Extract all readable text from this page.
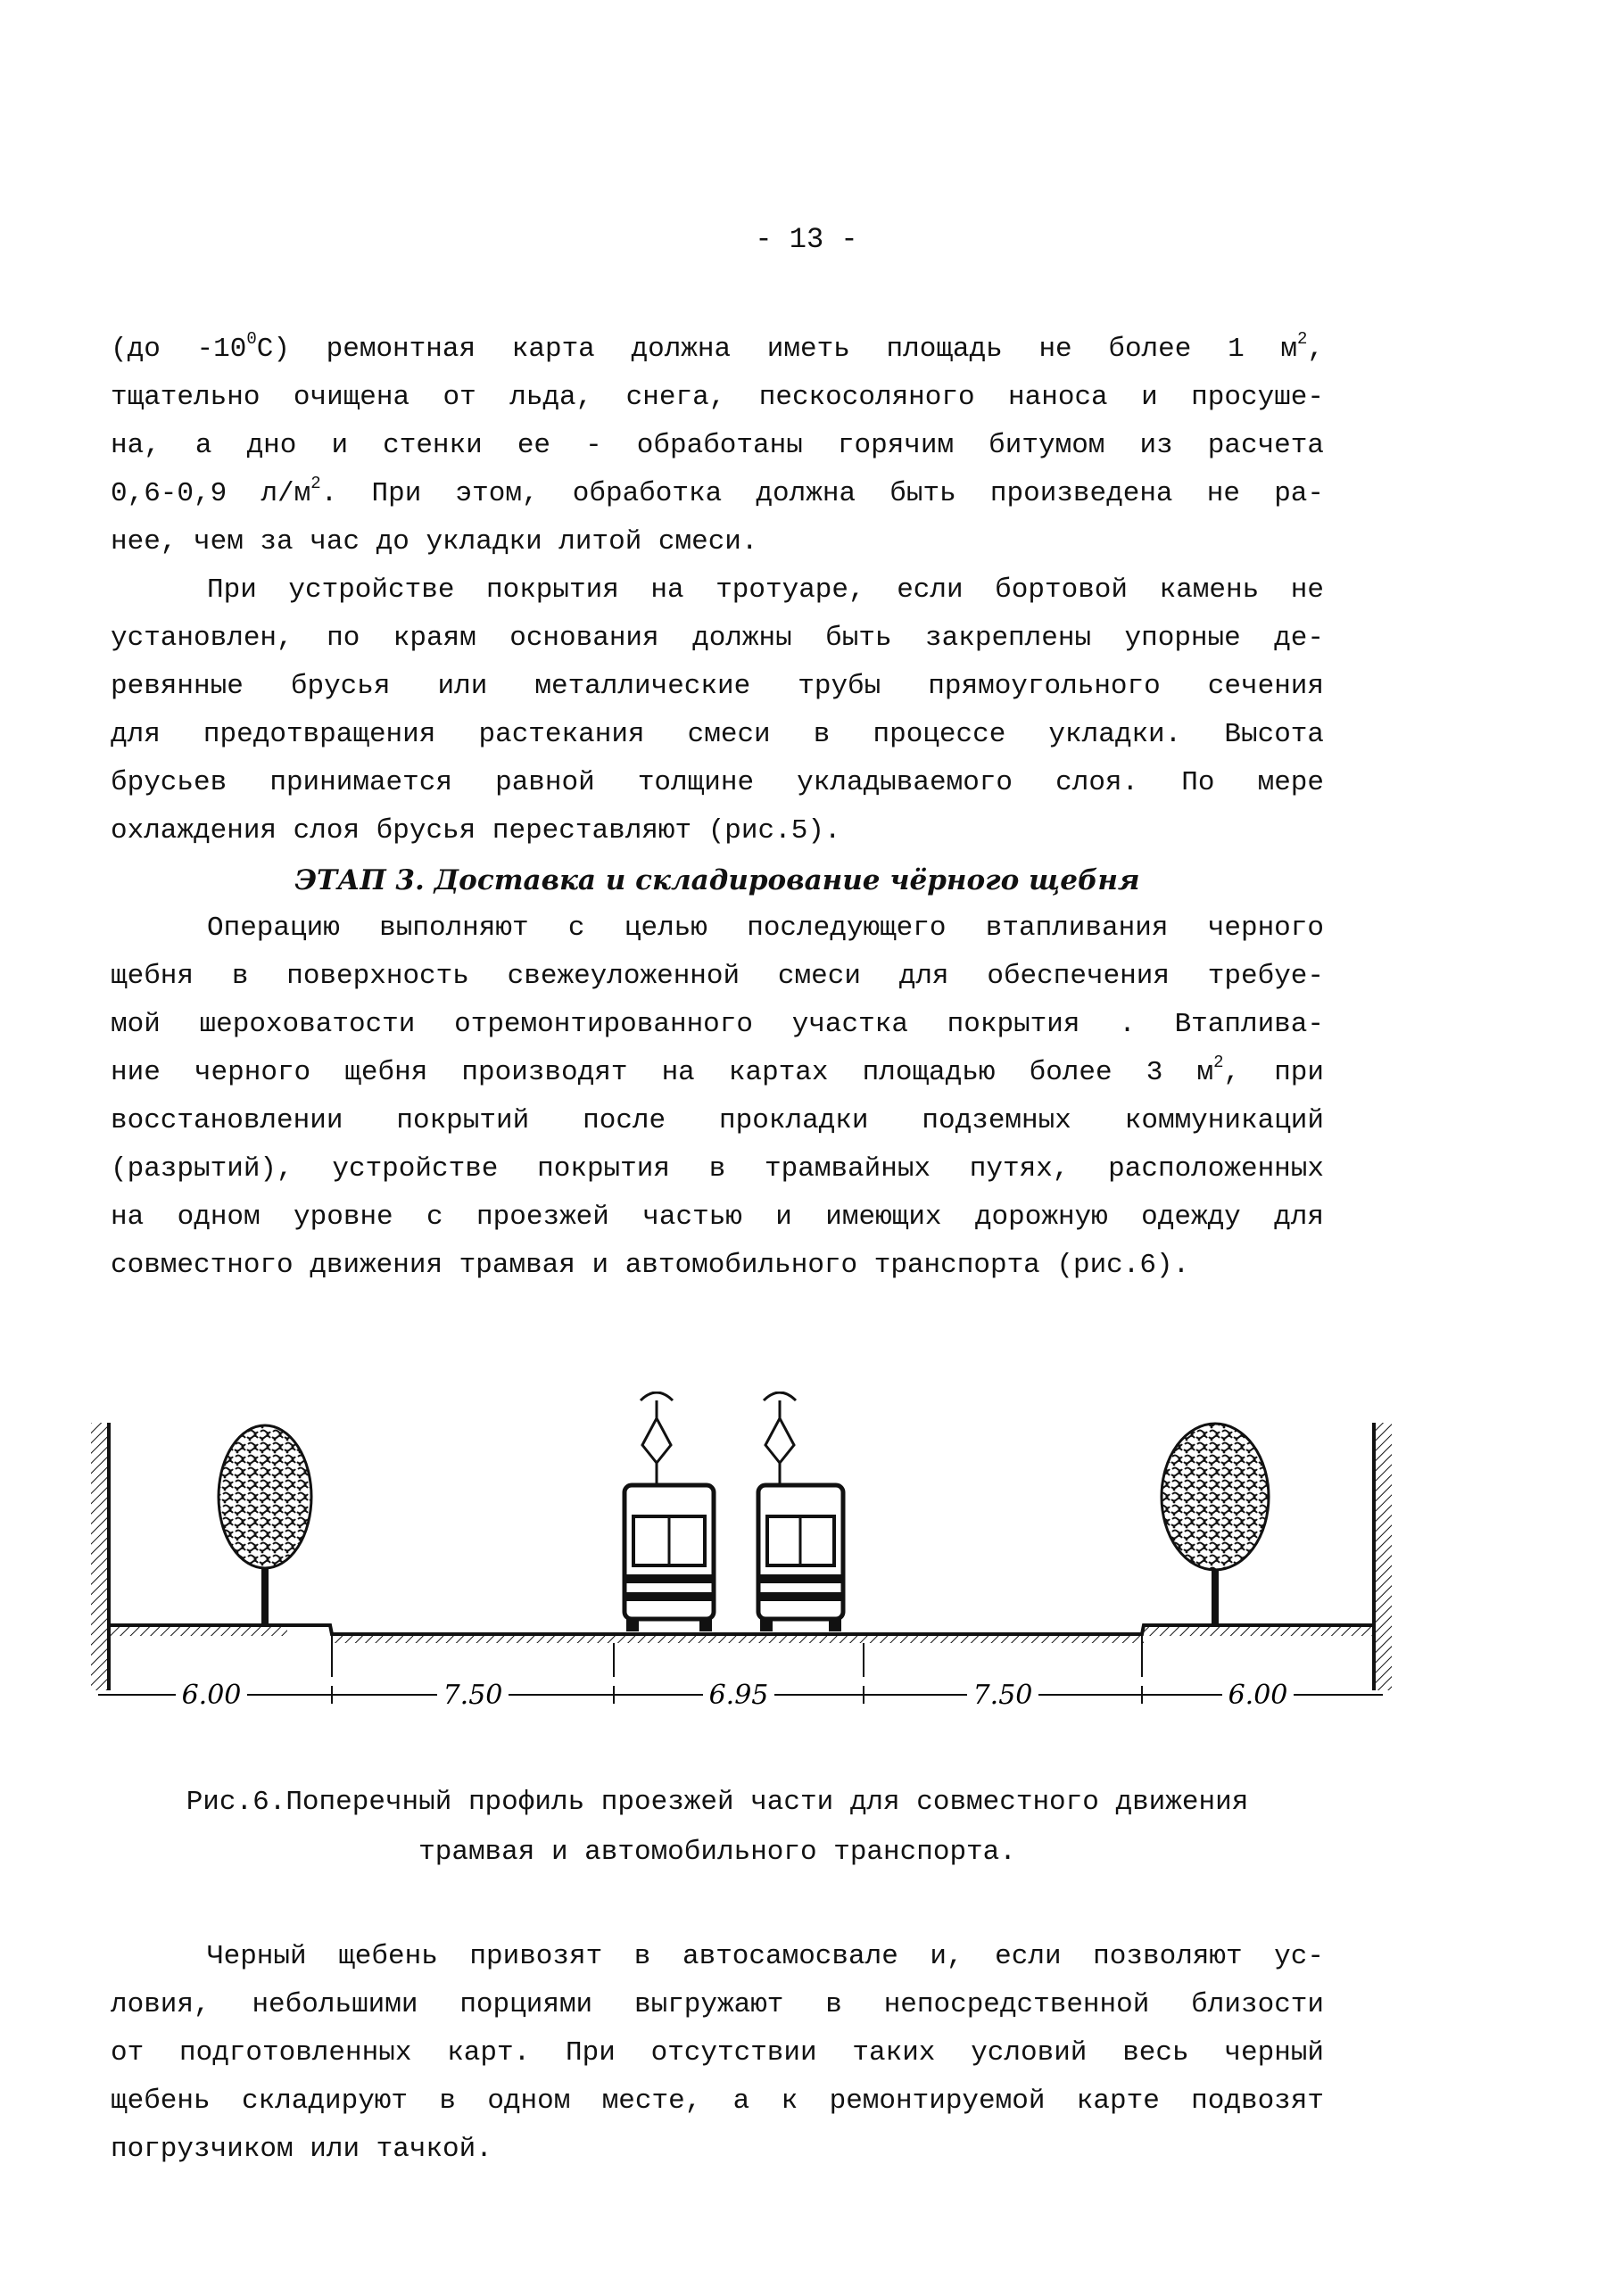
- 13 -
(до $-10^0С$) ремонтная карта должна иметь площадь не более 1 $м^2$,
тщательно очищена от льда, снега, пескосоляного наноса и просуше-
на, а дно и стенки ее - обработаны горячим битумом из расчета
0,6-0,9 $л/м^2$. При этом, обработка должна быть произведена не ра-
нее, чем за час до укладки литой смеси.
При устройстве покрытия на тротуаре, если бортовой камень не
установлен, по краям основания должны быть закреплены упорные де-
ревянные брусья или металлические трубы прямоугольного сечения
для предотвращения растекания смеси в процессе укладки. Высота
брусьев принимается равной толщине укладываемого слоя. По мере
охлаждения слоя брусья переставляют (рис.5).
ЭТАП 3. Доставка и складирование чёрного щебня
Операцию выполняют с целью последующего втапливания черного
щебня в поверхность свежеуложенной смеси для обеспечения требуе-
мой шероховатости отремонтированного участка покрытия . Втаплива-
ние черного щебня производят на картах площадью более 3 $м^2$, при
восстановлении покрытий после прокладки подземных коммуникаций
(разрытий), устройстве покрытия в трамвайных путях, расположенных
на одном уровне с проезжей частью и имеющих дорожную одежду для
совместного движения трамвая и автомобильного транспорта (рис.6).
6.00	7.50	6.95	7.50	6.00
Рис.6.Поперечный профиль проезжей части для совместного движения
трамвая и автомобильного транспорта.
Черный щебень привозят в автосамосвале и, если позволяют ус-
ловия, небольшими порциями выгружают в непосредственной близости
от подготовленных карт. При отсутствии таких условий весь черный
щебень складируют в одном месте, а к ремонтируемой карте подвозят
погрузчиком или тачкой.
